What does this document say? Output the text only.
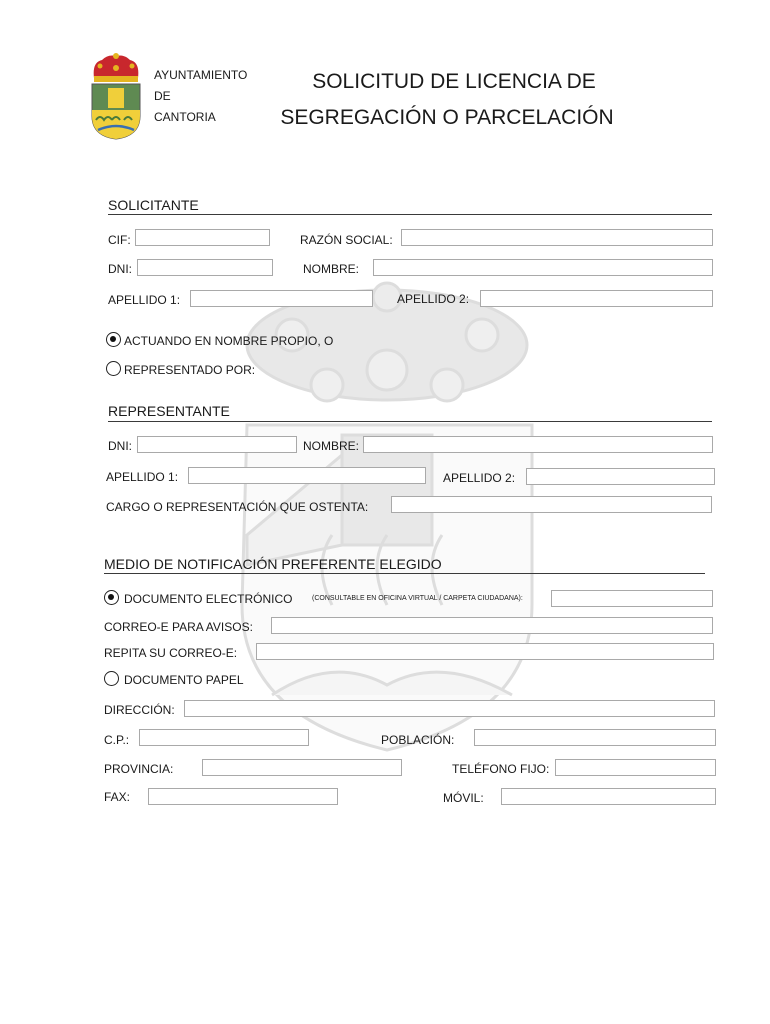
AYUNTAMIENTO
DE
CANTORIA
SOLICITUD DE LICENCIA DE
SEGREGACIÓN O PARCELACIÓN
SOLICITANTE
CIF:	RAZÓN SOCIAL:
DNI:	NOMBRE:
APELLIDO 1:	APELLIDO 2:
ACTUANDO EN NOMBRE PROPIO, O
REPRESENTADO POR:
REPRESENTANTE
DNI:	NOMBRE:
APELLIDO 1:	APELLIDO 2:
CARGO O REPRESENTACIÓN QUE OSTENTA:
MEDIO DE NOTIFICACIÓN PREFERENTE ELEGIDO
DOCUMENTO ELECTRÓNICO	(CONSULTABLE EN OFICINA VIRTUAL / CARPETA CIUDADANA):
CORREO-E PARA AVISOS:
REPITA SU CORREO-E:
DOCUMENTO PAPEL
DIRECCIÓN:
C.P.:	POBLACIÓN:
PROVINCIA:	TELÉFONO FIJO:
FAX:	MÓVIL:
